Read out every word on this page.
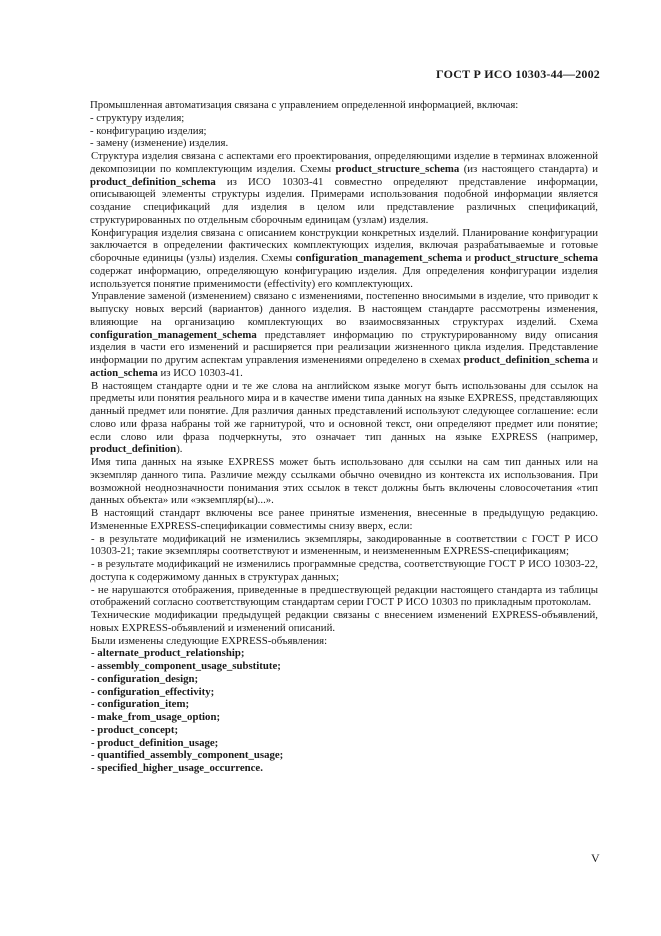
ГОСТ Р ИСО 10303-44—2002

Промышленная автоматизация связана с управлением определенной информацией, включая:

- структуру изделия;
- конфигурацию изделия;
- замену (изменение) изделия.

Структура изделия связана с аспектами его проектирования, определяющими изделие в терминах вложенной декомпозиции по комплектующим изделия. Схемы product_structure_schema (из настоящего стандарта) и product_definition_schema из ИСО 10303-41 совместно определяют представление информации, описывающей элементы структуры изделия. Примерами использования подобной информации является создание спецификаций для изделия в целом или представление различных спецификаций, структурированных по отдельным сборочным единицам (узлам) изделия.

Конфигурация изделия связана с описанием конструкции конкретных изделий. Планирование конфигурации заключается в определении фактических комплектующих изделия, включая разрабатываемые и готовые сборочные единицы (узлы) изделия. Схемы configuration_management_schema и product_structure_schema содержат информацию, определяющую конфигурацию изделия. Для определения конфигурации изделия используется понятие применимости (effectivity) его комплектующих.

Управление заменой (изменением) связано с изменениями, постепенно вносимыми в изделие, что приводит к выпуску новых версий (вариантов) данного изделия. В настоящем стандарте рассмотрены изменения, влияющие на организацию комплектующих во взаимосвязанных структурах изделий. Схема configuration_management_schema представляет информацию по структурированному виду описания изделия в части его изменений и расширяется при реализации жизненного цикла изделия. Представление информации по другим аспектам управления изменениями определено в схемах product_definition_schema и action_schema из ИСО 10303-41.

В настоящем стандарте одни и те же слова на английском языке могут быть использованы для ссылок на предметы или понятия реального мира и в качестве имени типа данных на языке EXPRESS, представляющих данный предмет или понятие. Для различия данных представлений используют следующее соглашение: если слово или фраза набраны той же гарнитурой, что и основной текст, они определяют предмет или понятие; если слово или фраза подчеркнуты, это означает тип данных на языке EXPRESS (например, product_definition).

Имя типа данных на языке EXPRESS может быть использовано для ссылки на сам тип данных или на экземпляр данного типа. Различие между ссылками обычно очевидно из контекста их использования. При возможной неоднозначности понимания этих ссылок в текст должны быть включены словосочетания «тип данных объекта» или «экземпляр(ы)...».

В настоящий стандарт включены все ранее принятые изменения, внесенные в предыдущую редакцию. Измененные EXPRESS-спецификации совместимы снизу вверх, если:

- в результате модификаций не изменились экземпляры, закодированные в соответствии с ГОСТ Р ИСО 10303-21; такие экземпляры соответствуют и измененным, и неизмененным EXPRESS-спецификациям;

- в результате модификаций не изменились программные средства, соответствующие ГОСТ Р ИСО 10303-22, доступа к содержимому данных в структурах данных;

- не нарушаются отображения, приведенные в предшествующей редакции настоящего стандарта из таблицы отображений согласно соответствующим стандартам серии ГОСТ Р ИСО 10303 по прикладным протоколам.

Технические модификации предыдущей редакции связаны с внесением изменений EXPRESS-объявлений, новых EXPRESS-объявлений и изменений описаний.

Были изменены следующие EXPRESS-объявления:

- alternate_product_relationship;
- assembly_component_usage_substitute;
- configuration_design;
- configuration_effectivity;
- configuration_item;
- make_from_usage_option;
- product_concept;
- product_definition_usage;
- quantified_assembly_component_usage;
- specified_higher_usage_occurrence.
V
